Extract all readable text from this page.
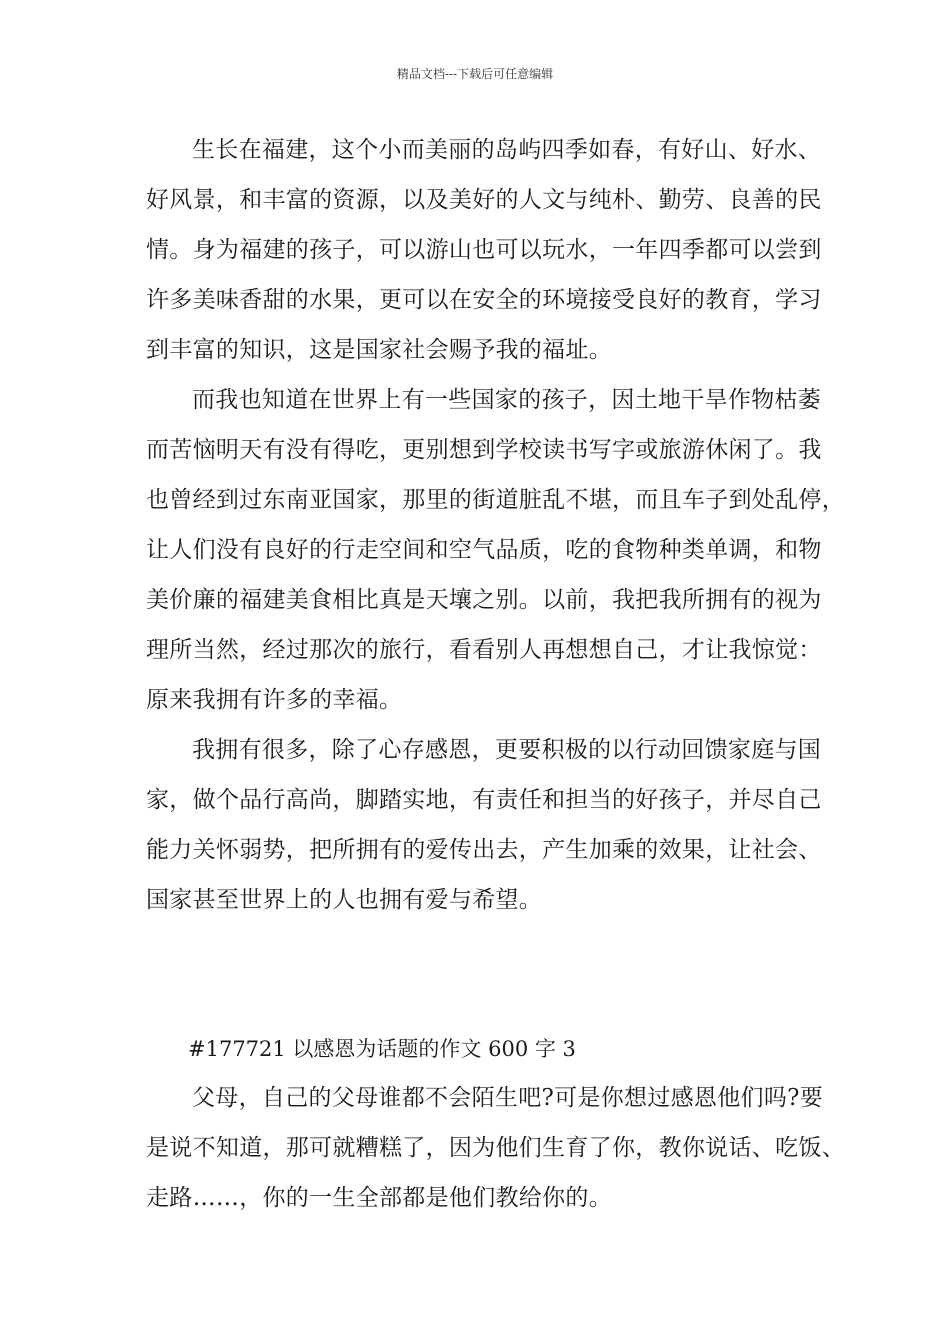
精品文档---下载后可任意编辑
生长在福建，这个小而美丽的岛屿四季如春，有好山、好水、
好风景，和丰富的资源，以及美好的人文与纯朴、勤劳、良善的民
情。身为福建的孩子，可以游山也可以玩水，一年四季都可以尝到
许多美味香甜的水果，更可以在安全的环境接受良好的教育，学习
到丰富的知识，这是国家社会赐予我的福址。
而我也知道在世界上有一些国家的孩子，因土地干旱作物枯萎
而苦恼明天有没有得吃，更别想到学校读书写字或旅游休闲了。我
也曾经到过东南亚国家，那里的街道脏乱不堪，而且车子到处乱停，
让人们没有良好的行走空间和空气品质，吃的食物种类单调，和物
美价廉的福建美食相比真是天壤之别。以前，我把我所拥有的视为
理所当然，经过那次的旅行，看看别人再想想自己，才让我惊觉：
原来我拥有许多的幸福。
我拥有很多，除了心存感恩，更要积极的以行动回馈家庭与国
家，做个品行高尚，脚踏实地，有责任和担当的好孩子，并尽自己
能力关怀弱势，把所拥有的爱传出去，产生加乘的效果，让社会、
国家甚至世界上的人也拥有爱与希望。
#177721 以感恩为话题的作文 600 字 3
父母，自己的父母谁都不会陌生吧?可是你想过感恩他们吗?要
是说不知道，那可就糟糕了，因为他们生育了你，教你说话、吃饭、
走路……，你的一生全部都是他们教给你的。
